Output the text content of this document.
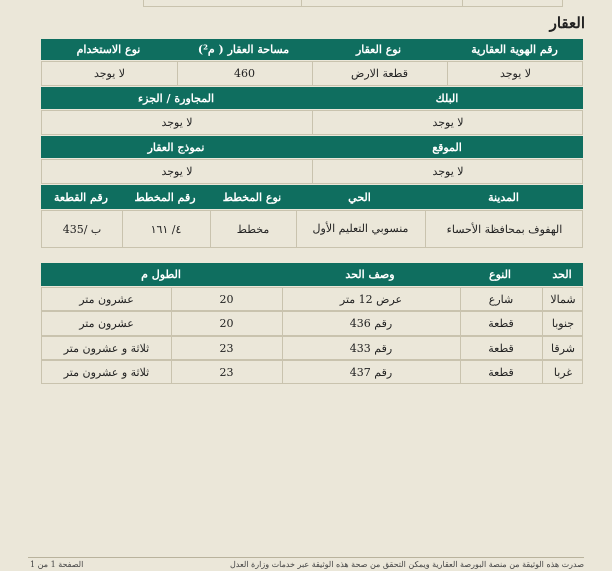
العقار
رقم الهوية العقارية
نوع العقار
مساحة العقار ( م²)
نوع الاستخدام
لا يوجد
قطعة الارض
460
لا يوجد
البلك
المجاورة / الجزء
لا يوجد
لا يوجد
الموقع
نموذج العقار
لا يوجد
لا يوجد
المدينة
الحي
نوع المخطط
رقم المخطط
رقم القطعة
الهفوف بمحافظة الأحساء
منسوبي التعليم الأول
مخطط
٤/ ١٦١
ب /435
الحد
النوع
وصف الحد
الطول م
شمالا
شارع
عرض 12 متر
20
عشرون متر
جنوبا
قطعة
رقم 436
20
عشرون متر
شرقا
قطعة
رقم 433
23
ثلاثة و عشرون متر
غربا
قطعة
رقم 437
23
ثلاثة و عشرون متر
صدرت هذه الوثيقة من منصة البورصة العقارية ويمكن التحقق من صحة هذه الوثيقة عبر خدمات وزارة العدل
الصفحة 1 من 1
